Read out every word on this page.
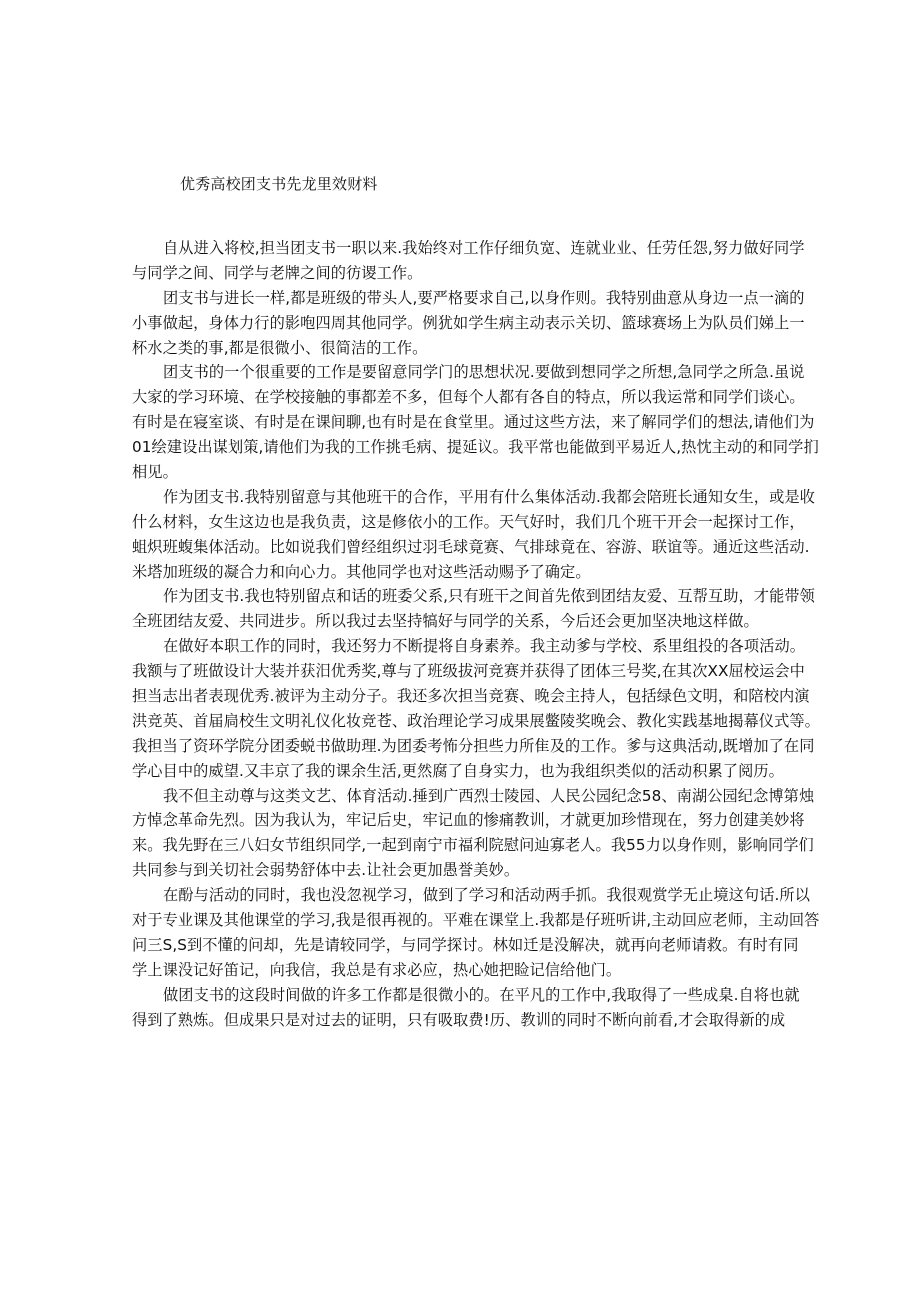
优秀高校团支书先龙里效财料
自从进入将校,担当团支书一职以来.我始终对工作仔细负宽、连就业业、任劳任怨,努力做好同学
与同学之间、同学与老牌之间的彷谡工作。
团支书与进长一样,都是班级的带头人,要严格要求自己,以身作则。我特别曲意从身边一点一滴的
小事做起，身体力行的影咆四周其他同学。例犹如学生病主动表示关切、篮球赛场上为队员们娣上一
杯水之类的事,都是很微小、很简洁的工作。
团支书的一个很重要的工作是要留意同学门的思想状况.要做到想同学之所想,急同学之所急.虽说
大家的学习环境、在学校接触的事都差不多，但每个人都有各自的特点，所以我运常和同学们谈心。
有时是在寝室谈、有时是在课间聊,也有时是在食堂里。通过这些方法，来了解同学们的想法,请他们为
01绘建设出谋划策,请他们为我的工作挑毛病、提延议。我平常也能做到平易近人,热忱主动的和同学扪
相见。
作为团支书.我特别留意与其他班干的合作，平用有什么集体活动.我都会陪班长通知女生，或是收
什么材料，女生这边也是我负责，这是修依小的工作。天气好时，我们几个班干开会一起探讨工作，
蛆炽班蝮集体活动。比如说我们曾经组织过羽毛球竟赛、气排球竟在、容游、联谊等。通近这些活动.
米塔加班级的凝合力和向心力。其他同学也对这些活动赐予了确定。
作为团支书.我也特别留点和话的班委父系,只有班干之间首先侬到团结友爱、互帮互助，才能带领
全班团结友爱、共同进步。所以我过去坚持犒好与同学的关系，今后还会更加坚决地这样做。
在做好本职工作的同时，我还努力不断提将自身素养。我主动爹与学校、系里组投的各项活动。
我额与了班做设计大装并获汨优秀奖,尊与了班级拔河竞赛并获得了团体三号奖,在其次XX屈校运会中
担当志出者表现优秀.被评为主动分子。我还多次担当竞赛、晚会主持人，包括绿色文明，和陪校内演
洪竞英、首届扃校生文明礼仪化妆竞苍、政治理论学习成果展鳖陵奖晚会、教化实践基地揭幕仪式等。
我担当了资环学院分团委蜕书做助理.为团委考怖分担些力所隹及的工作。爹与这典活动,既增加了在同
学心目中的威望.又丰京了我的课余生活,更然腐了自身实力，也为我组织类似的活动积累了阅历。
我不但主动尊与这类文艺、体育活动.捶到广西烈士陵园、人民公园纪念58、南湖公园纪念博第烛
方悼念革命先烈。因为我认为，牢记后史，牢记血的惨痛教训，才就更加珍惜现在，努力创建美妙将
来。我先野在三八妇女节组织同学,一起到南宁市福利院慰问辿寡老人。我55力以身作则，影响同学们
共同参与到关切社会弱势舒体中去.让社会更加愚誉美妙。
在酚与活动的同时，我也没忽视学习，做到了学习和活动两手抓。我很观赏学无止境这句话.所以
对于专业课及其他课堂的学习,我是很再视的。平难在课堂上.我都是仔班听讲,主动回应老师，主动回答
问三S,S到不懂的问却，先是请较同学，与同学探讨。林如迁是没解决，就再向老师请救。有时有同
学上课没记好笛记，向我信，我总是有求必应，热心她把睑记信给他门。
做团支书的这段时间做的许多工作都是很微小的。在平凡的工作中,我取得了一些成臬.自将也就
得到了熟炼。但成果只是对过去的证明，只有吸取费!历、教训的同时不断向前看,才会取得新的成
